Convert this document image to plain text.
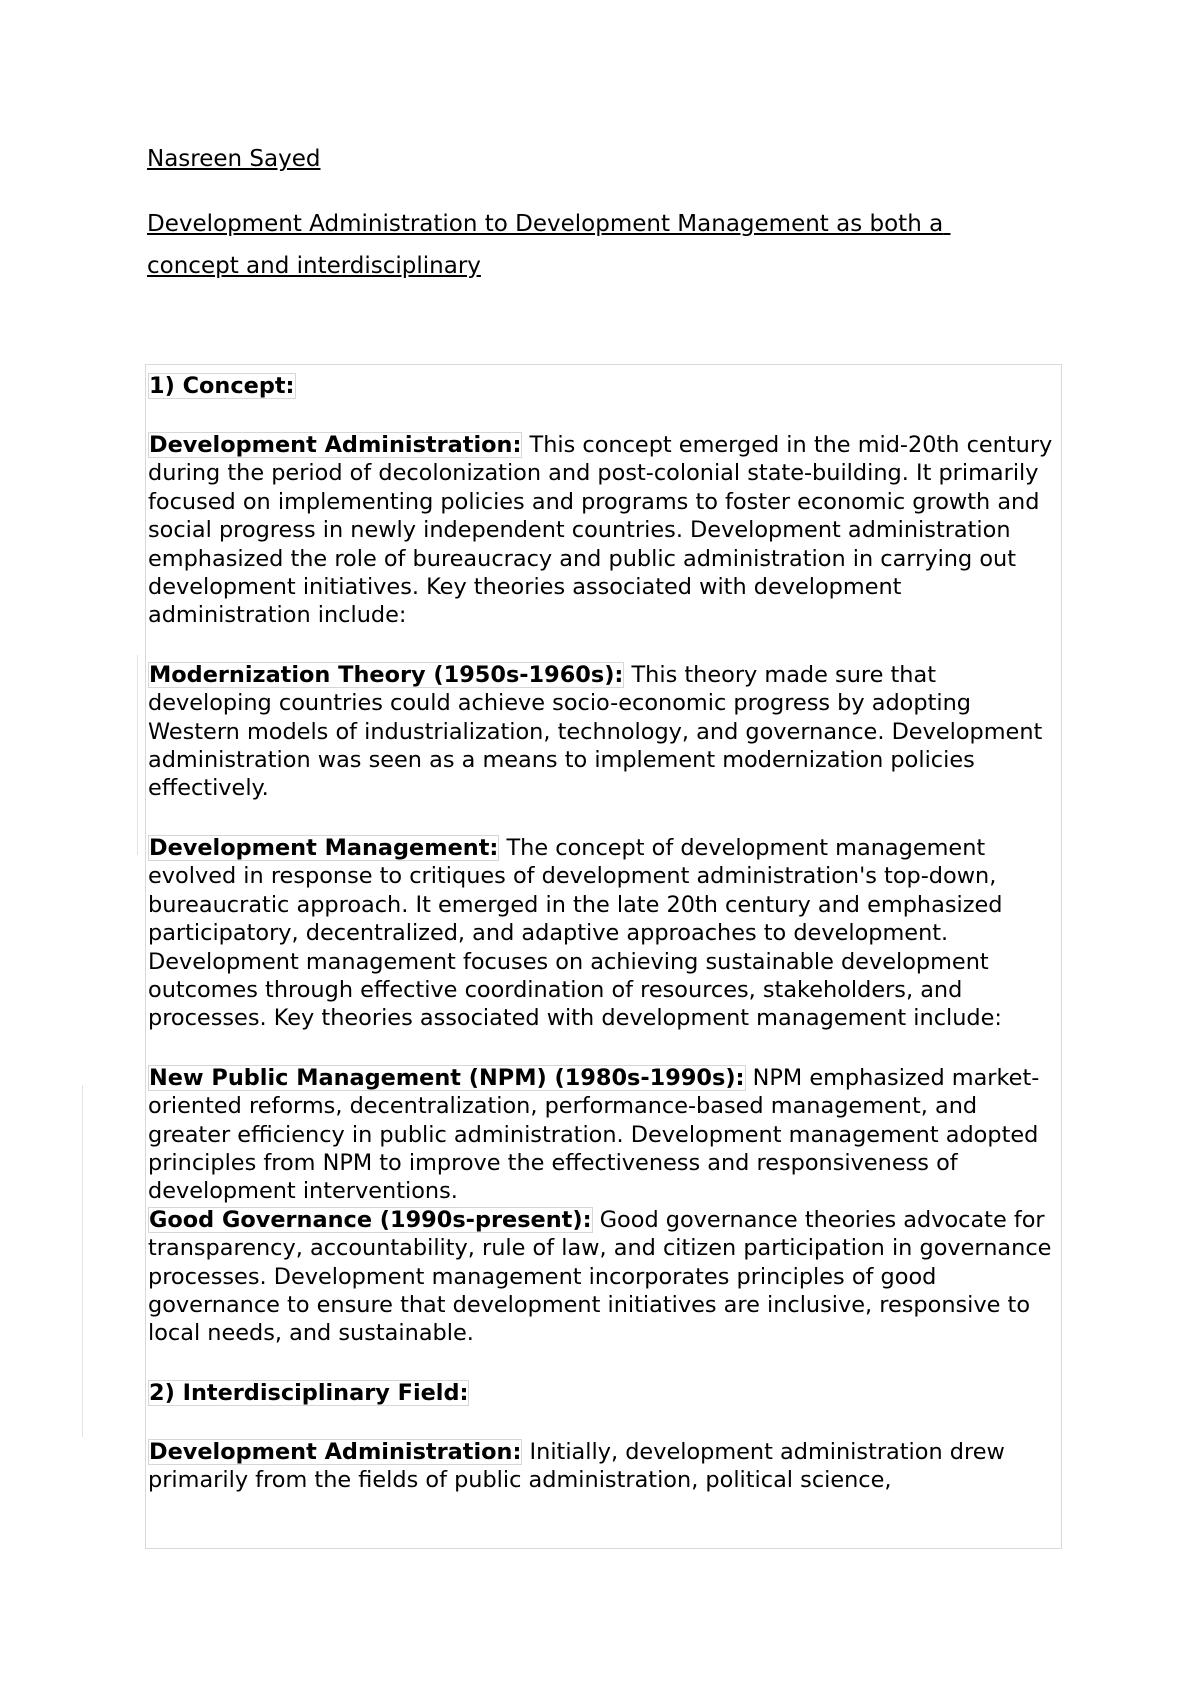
Nasreen Sayed
Development Administration to Development Management as both a concept and interdisciplinary
1) Concept:

Development Administration: This concept emerged in the mid-20th century during the period of decolonization and post-colonial state-building. It primarily focused on implementing policies and programs to foster economic growth and social progress in newly independent countries. Development administration emphasized the role of bureaucracy and public administration in carrying out development initiatives. Key theories associated with development administration include:

Modernization Theory (1950s-1960s): This theory made sure that developing countries could achieve socio-economic progress by adopting Western models of industrialization, technology, and governance. Development administration was seen as a means to implement modernization policies effectively.

Development Management: The concept of development management evolved in response to critiques of development administration's top-down, bureaucratic approach. It emerged in the late 20th century and emphasized participatory, decentralized, and adaptive approaches to development. Development management focuses on achieving sustainable development outcomes through effective coordination of resources, stakeholders, and processes. Key theories associated with development management include:

New Public Management (NPM) (1980s-1990s): NPM emphasized market-oriented reforms, decentralization, performance-based management, and greater efficiency in public administration. Development management adopted principles from NPM to improve the effectiveness and responsiveness of development interventions.

Good Governance (1990s-present): Good governance theories advocate for transparency, accountability, rule of law, and citizen participation in governance processes. Development management incorporates principles of good governance to ensure that development initiatives are inclusive, responsive to local needs, and sustainable.

2) Interdisciplinary Field:

Development Administration: Initially, development administration drew primarily from the fields of public administration, political science,
